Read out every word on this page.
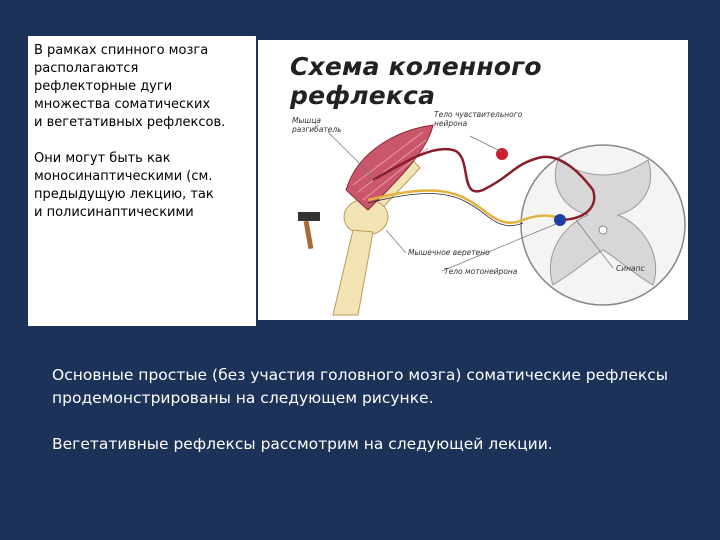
В рамках спинного мозга
располагаются
рефлекторные дуги
множества соматических
и вегетативных рефлексов.

Они могут быть как
моносинаптическими (см.
предыдущую лекцию, так
и полисинаптическими

Схема коленного рефлекса
Мышца
разгибатель
Тело чувствительного
нейрона
Мышечное веретено
Тело мотонейрона	Синапс

Основные простые (без участия головного мозга) соматические рефлексы продемонстрированы на следующем рисунке.

Вегетативные рефлексы рассмотрим на следующей лекции.
